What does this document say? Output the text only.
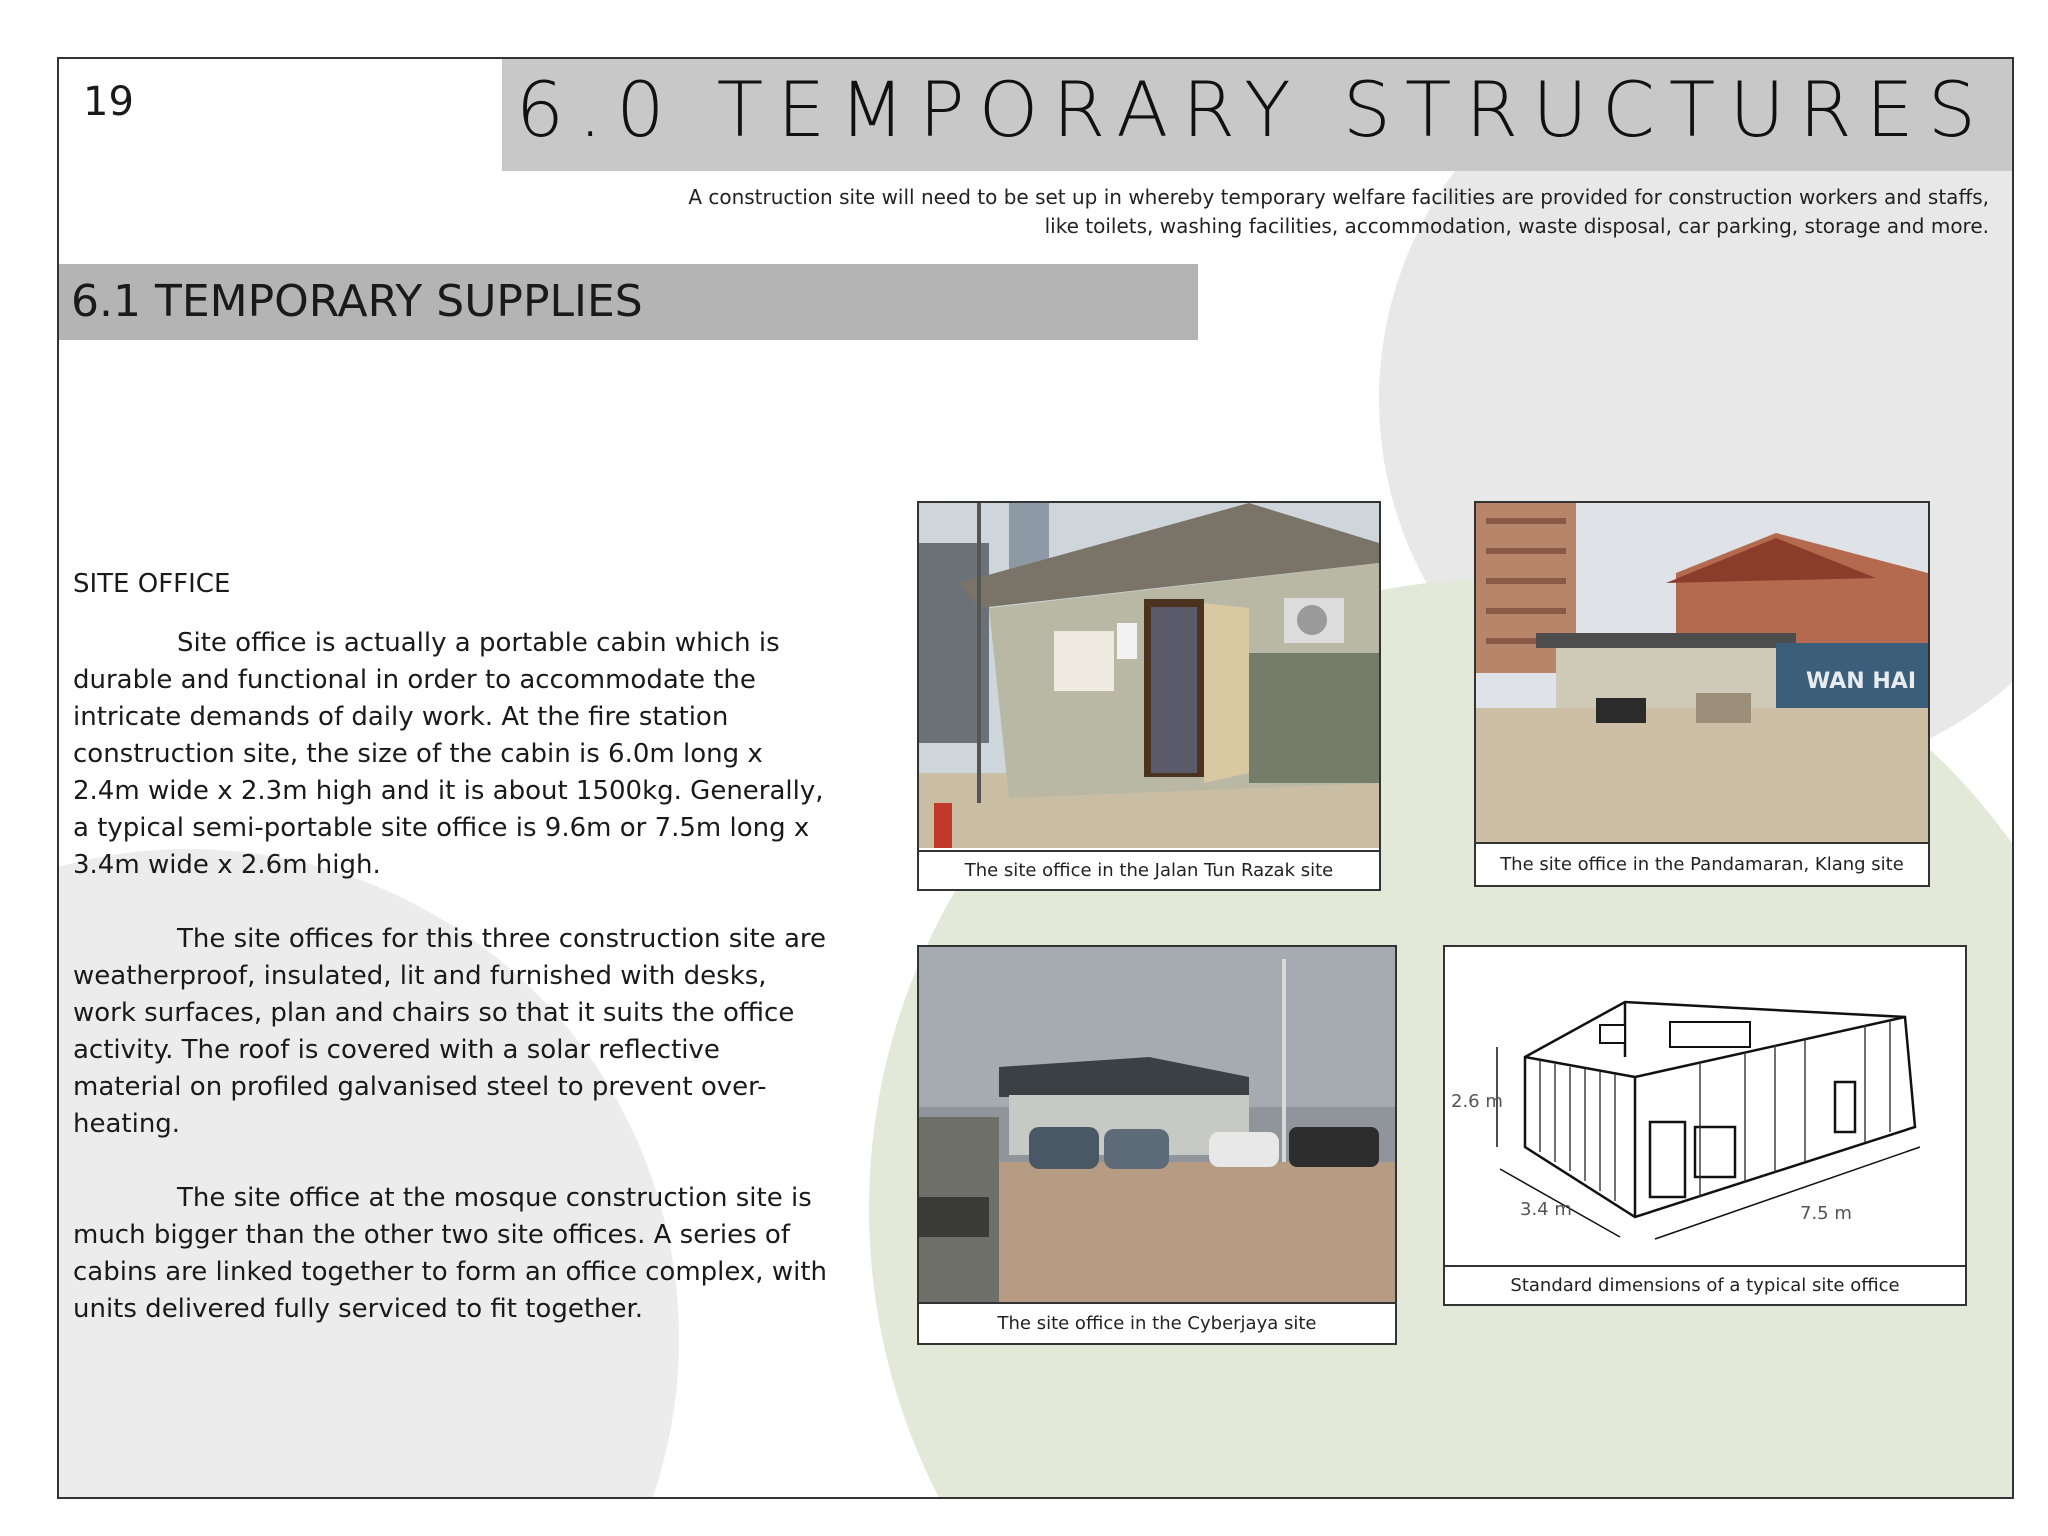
19	6.0 TEMPORARY STRUCTURES
A construction site will need to be set up in whereby temporary welfare facilities are provided for construction workers and staffs, like toilets, washing facilities, accommodation, waste disposal, car parking, storage and more.
6.1 TEMPORARY SUPPLIES
SITE OFFICE

Site office is actually a portable cabin which is durable and functional in order to accommodate the intricate demands of daily work. At the fire station construction site, the size of the cabin is 6.0m long x 2.4m wide x 2.3m high and it is about 1500kg. Generally, a typical semi-portable site office is 9.6m or 7.5m long x 3.4m wide x 2.6m high.

The site offices for this three construction site are weatherproof, insulated, lit and furnished with desks, work surfaces, plan and chairs so that it suits the office activity. The roof is covered with a solar reflective material on profiled galvanised steel to prevent over-heating.

The site office at the mosque construction site is much bigger than the other two site offices. A series of cabins are linked together to form an office complex, with units delivered fully serviced to fit together.

The site office in the Jalan Tun Razak site
WAN HAI
The site office in the Pandamaran, Klang site
The site office in the Cyberjaya site
2.6 m
3.4 m	7.5 m
Standard dimensions of a typical site office
